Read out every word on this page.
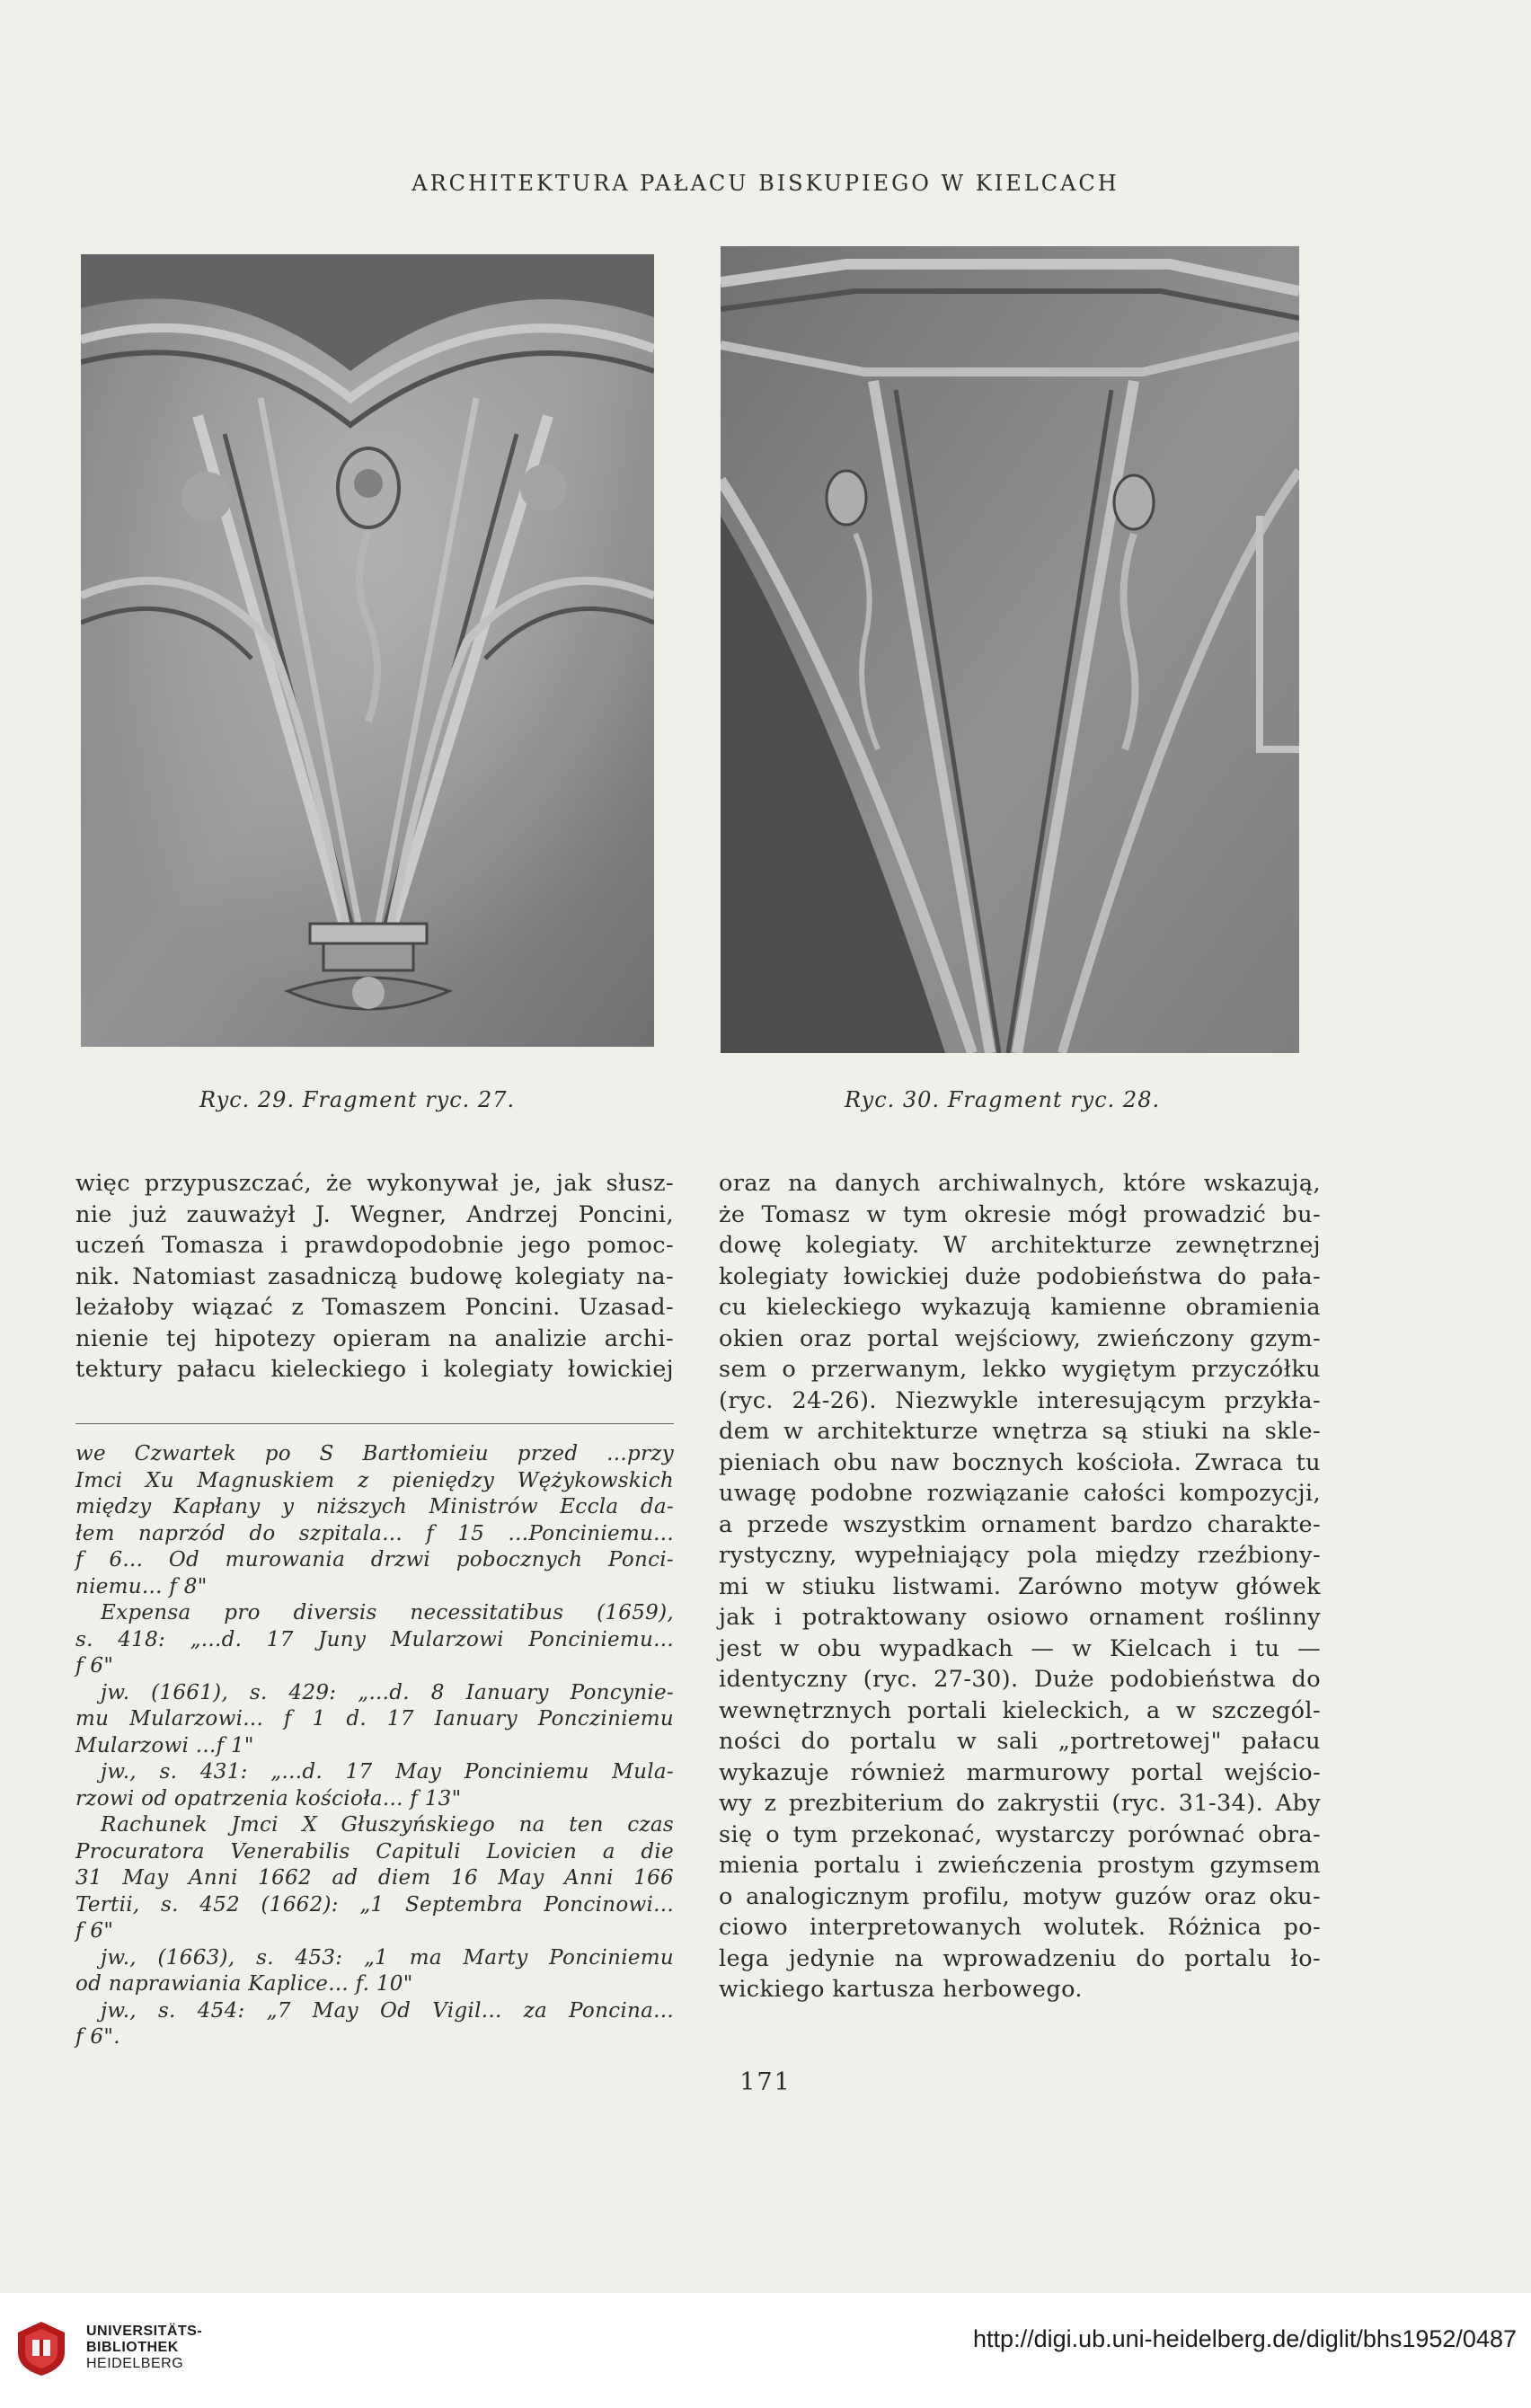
ARCHITEKTURA PAŁACU BISKUPIEGO W KIELCACH
Ryc. 29. Fragment ryc. 27.	Ryc. 30. Fragment ryc. 28.

więc przypuszczać, że wykonywał je, jak słusz-

nie już zauważył J. Wegner, Andrzej Poncini,

uczeń Tomasza i prawdopodobnie jego pomoc-

nik. Natomiast zasadniczą budowę kolegiaty na-

leżałoby wiązać z Tomaszem Poncini. Uzasad-

nienie tej hipotezy opieram na analizie archi-

tektury pałacu kieleckiego i kolegiaty łowickiej

we Czwartek po S Bartłomieiu przed ...przy

Imci Xu Magnuskiem z pieniędzy Wężykowskich

między Kapłany y niższych Ministrów Eccla da-

łem naprzód do szpitala... f 15 ...Ponciniemu...

f 6... Od murowania drzwi pobocznych Ponci-

niemu... f 8"

Expensa pro diversis necessitatibus (1659),

s. 418: „...d. 17 Juny Mularzowi Ponciniemu...

f 6"

jw. (1661), s. 429: „...d. 8 Ianuary Poncynie-

mu Mularzowi... f 1 d. 17 Ianuary Poncziniemu

Mularzowi ...f 1"

jw., s. 431: „...d. 17 May Ponciniemu Mula-

rzowi od opatrzenia kościoła... f 13"

Rachunek Jmci X Głuszyńskiego na ten czas

Procuratora Venerabilis Capituli Lovicien a die

31 May Anni 1662 ad diem 16 May Anni 166

Tertii, s. 452 (1662): „1 Septembra Poncinowi...

f 6"

jw., (1663), s. 453: „1 ma Marty Ponciniemu

od naprawiania Kaplice... f. 10"

jw., s. 454: „7 May Od Vigil... za Poncina...

f 6".

oraz na danych archiwalnych, które wskazują,

że Tomasz w tym okresie mógł prowadzić bu-

dowę kolegiaty. W architekturze zewnętrznej

kolegiaty łowickiej duże podobieństwa do pała-

cu kieleckiego wykazują kamienne obramienia

okien oraz portal wejściowy, zwieńczony gzym-

sem o przerwanym, lekko wygiętym przyczółku

(ryc. 24-26). Niezwykle interesującym przykła-

dem w architekturze wnętrza są stiuki na skle-

pieniach obu naw bocznych kościoła. Zwraca tu

uwagę podobne rozwiązanie całości kompozycji,

a przede wszystkim ornament bardzo charakte-

rystyczny, wypełniający pola między rzeźbiony-

mi w stiuku listwami. Zarówno motyw główek

jak i potraktowany osiowo ornament roślinny

jest w obu wypadkach — w Kielcach i tu —

identyczny (ryc. 27-30). Duże podobieństwa do

wewnętrznych portali kieleckich, a w szczegól-

ności do portalu w sali „portretowej" pałacu

wykazuje również marmurowy portal wejścio-

wy z prezbiterium do zakrystii (ryc. 31-34). Aby

się o tym przekonać, wystarczy porównać obra-

mienia portalu i zwieńczenia prostym gzymsem

o analogicznym profilu, motyw guzów oraz oku-

ciowo interpretowanych wolutek. Różnica po-

lega jedynie na wprowadzeniu do portalu ło-

wickiego kartusza herbowego.

171
UNIVERSITÄTS-
BIBLIOTHEK
HEIDELBERG
http://digi.ub.uni-heidelberg.de/diglit/bhs1952/0487
